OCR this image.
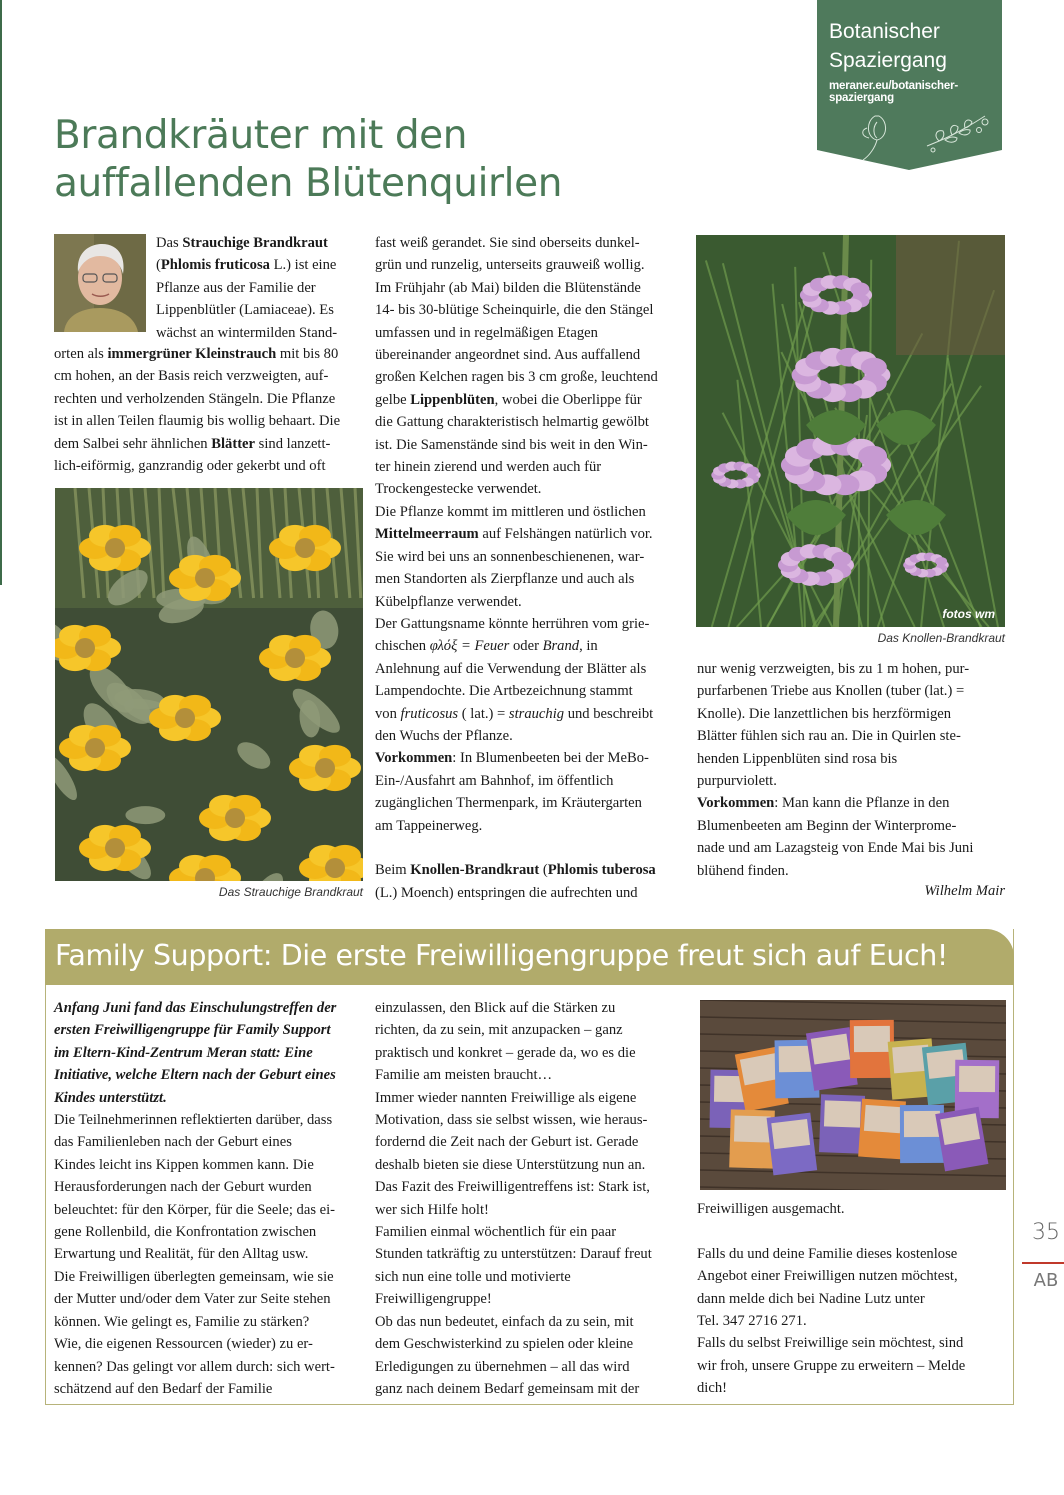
Botanischer
Spaziergang
meraner.eu/botanischer-spaziergang
Brandkräuter mit den
auffallenden Blütenquirlen
Das Strauchige Brandkraut
(Phlomis fruticosa L.) ist eine
Pflanze aus der Familie der
Lippenblütler (Lamiaceae). Es
wächst an wintermilden Stand-
orten als immergrüner Kleinstrauch mit bis 80
cm hohen, an der Basis reich verzweigten, auf-
rechten und verholzenden Stängeln. Die Pflanze
ist in allen Teilen flaumig bis wollig behaart. Die
dem Salbei sehr ähnlichen Blätter sind lanzett-
lich-eiförmig, ganzrandig oder gekerbt und oft
Das Strauchige Brandkraut
fast weiß gerandet. Sie sind oberseits dunkel-
grün und runzelig, unterseits grauweiß wollig.
Im Frühjahr (ab Mai) bilden die Blütenstände
14- bis 30-blütige Scheinquirle, die den Stängel
umfassen und in regelmäßigen Etagen
übereinander angeordnet sind. Aus auffallend
großen Kelchen ragen bis 3 cm große, leuchtend
gelbe Lippenblüten, wobei die Oberlippe für
die Gattung charakteristisch helmartig gewölbt
ist. Die Samenstände sind bis weit in den Win-
ter hinein zierend und werden auch für
Trockengestecke verwendet.
Die Pflanze kommt im mittleren und östlichen
Mittelmeerraum auf Felshängen natürlich vor.
Sie wird bei uns an sonnenbeschienenen, war-
men Standorten als Zierpflanze und auch als
Kübelpflanze verwendet.
Der Gattungsname könnte herrühren vom grie-
chischen φλόξ = Feuer oder Brand, in
Anlehnung auf die Verwendung der Blätter als
Lampendochte. Die Artbezeichnung stammt
von fruticosus ( lat.) = strauchig und beschreibt
den Wuchs der Pflanze.
Vorkommen: In Blumenbeeten bei der MeBo-
Ein-/Ausfahrt am Bahnhof, im öffentlich
zugänglichen Thermenpark, im Kräutergarten
am Tappeinerweg.
Beim Knollen-Brandkraut (Phlomis tuberosa
(L.) Moench) entspringen die aufrechten und
fotos wm
Das Knollen-Brandkraut
nur wenig verzweigten, bis zu 1 m hohen, pur-
purfarbenen Triebe aus Knollen (tuber (lat.) =
Knolle). Die lanzettlichen bis herzförmigen
Blätter fühlen sich rau an. Die in Quirlen ste-
henden Lippenblüten sind rosa bis
purpurviolett.
Vorkommen: Man kann die Pflanze in den
Blumenbeeten am Beginn der Winterprome-
nade und am Lazagsteig von Ende Mai bis Juni
blühend finden.
Wilhelm Mair
Family Support: Die erste Freiwilligengruppe freut sich auf Euch!
Anfang Juni fand das Einschulungstreffen der
ersten Freiwilligengruppe für Family Support
im Eltern-Kind-Zentrum Meran statt: Eine
Initiative, welche Eltern nach der Geburt eines
Kindes unterstützt.
Die Teilnehmerinnen reflektierten darüber, dass
das Familienleben nach der Geburt eines
Kindes leicht ins Kippen kommen kann. Die
Herausforderungen nach der Geburt wurden
beleuchtet: für den Körper, für die Seele; das ei-
gene Rollenbild, die Konfrontation zwischen
Erwartung und Realität, für den Alltag usw.
Die Freiwilligen überlegten gemeinsam, wie sie
der Mutter und/oder dem Vater zur Seite stehen
können. Wie gelingt es, Familie zu stärken?
Wie, die eigenen Ressourcen (wieder) zu er-
kennen? Das gelingt vor allem durch: sich wert-
schätzend auf den Bedarf der Familie
einzulassen, den Blick auf die Stärken zu
richten, da zu sein, mit anzupacken – ganz
praktisch und konkret – gerade da, wo es die
Familie am meisten braucht…
Immer wieder nannten Freiwillige als eigene
Motivation, dass sie selbst wissen, wie heraus-
fordernd die Zeit nach der Geburt ist. Gerade
deshalb bieten sie diese Unterstützung nun an.
Das Fazit des Freiwilligentreffens ist: Stark ist,
wer sich Hilfe holt!
Familien einmal wöchentlich für ein paar
Stunden tatkräftig zu unterstützen: Darauf freut
sich nun eine tolle und motivierte
Freiwilligengruppe!
Ob das nun bedeutet, einfach da zu sein, mit
dem Geschwisterkind zu spielen oder kleine
Erledigungen zu übernehmen – all das wird
ganz nach deinem Bedarf gemeinsam mit der
Freiwilligen ausgemacht.
Falls du und deine Familie dieses kostenlose
Angebot einer Freiwilligen nutzen möchtest,
dann melde dich bei Nadine Lutz unter
Tel. 347 2716 271.
Falls du selbst Freiwillige sein möchtest, sind
wir froh, unsere Gruppe zu erweitern – Melde
dich!
35
AB
